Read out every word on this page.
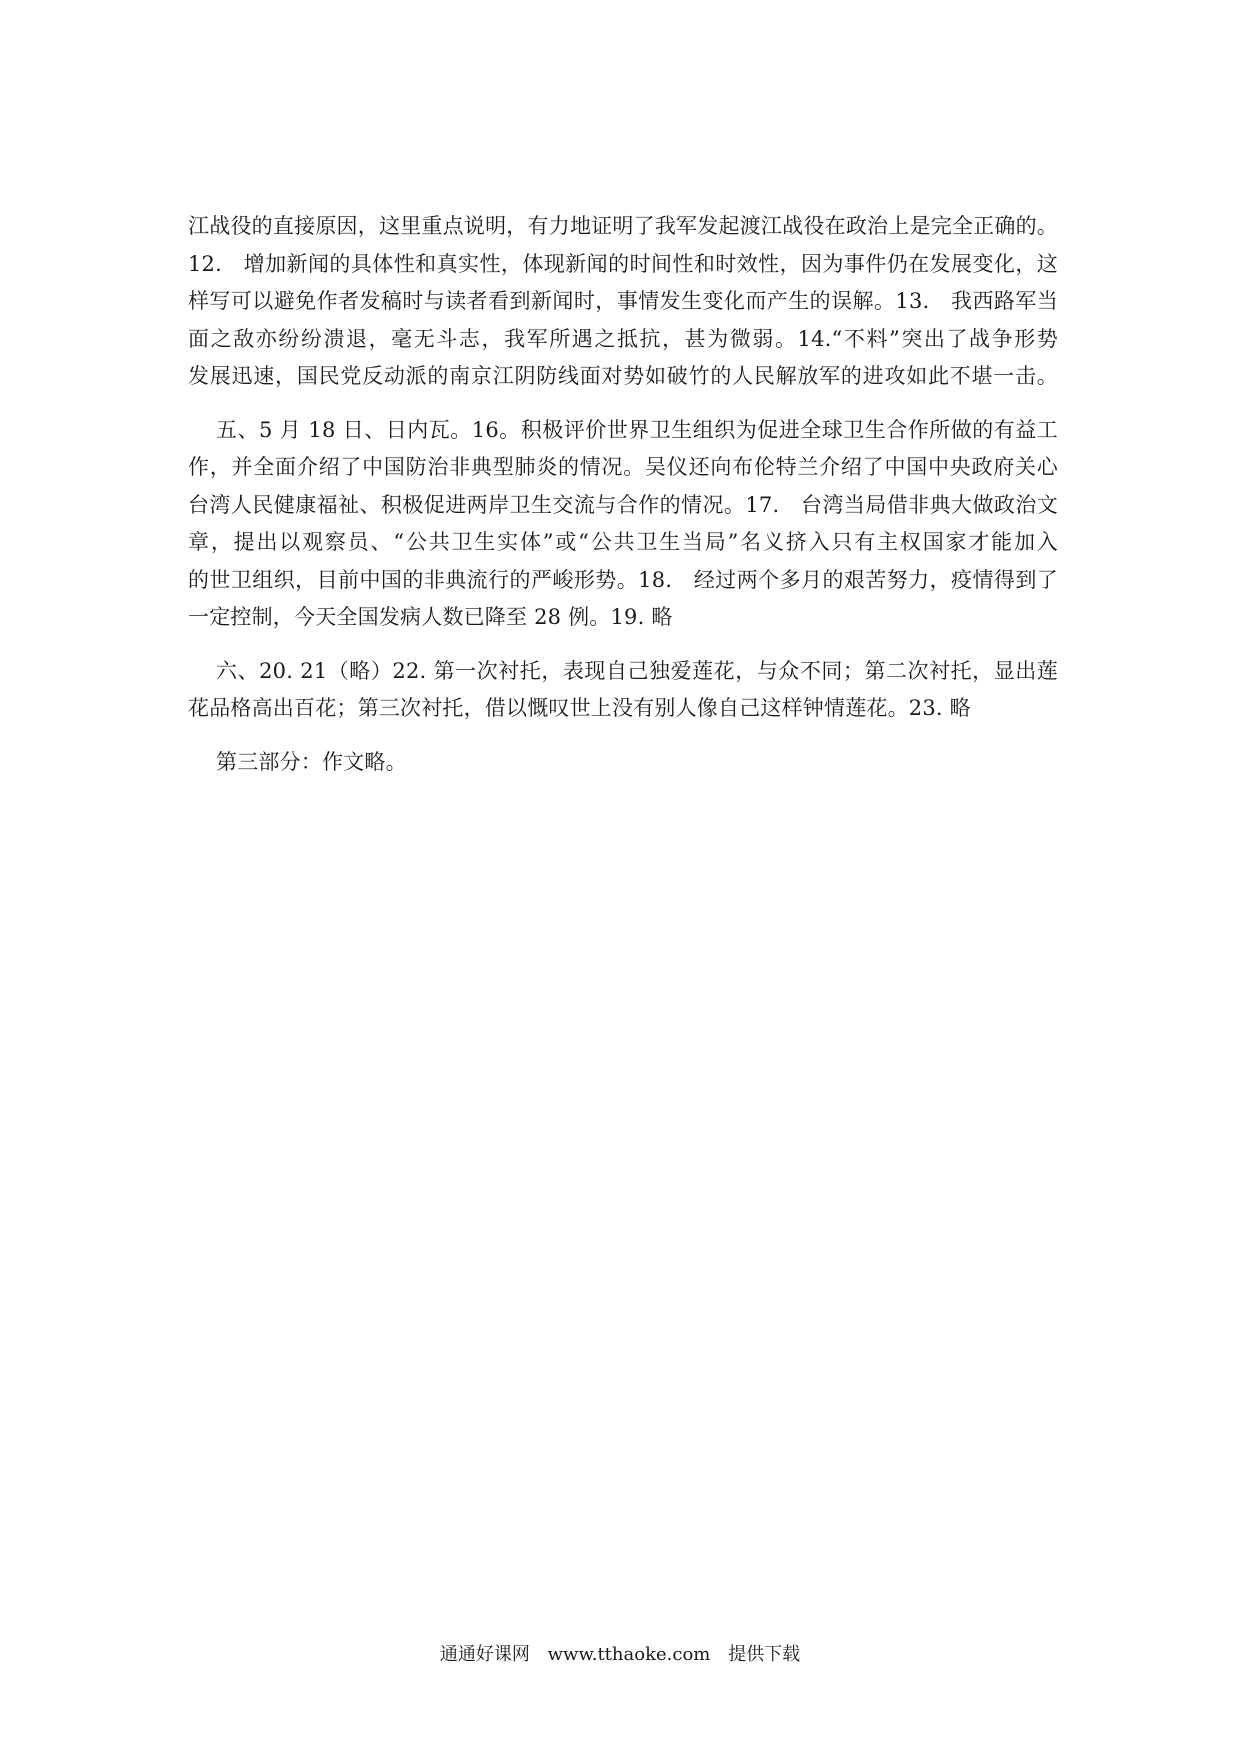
江战役的直接原因，这里重点说明，有力地证明了我军发起渡江战役在政治上是完全正确的。
12.　增加新闻的具体性和真实性，体现新闻的时间性和时效性，因为事件仍在发展变化，这
样写可以避免作者发稿时与读者看到新闻时，事情发生变化而产生的误解。13.　我西路军当
面之敌亦纷纷溃退，毫无斗志，我军所遇之抵抗，甚为微弱。14.“不料”突出了战争形势
发展迅速，国民党反动派的南京江阴防线面对势如破竹的人民解放军的进攻如此不堪一击。
五、5 月 18 日、日内瓦。16。积极评价世界卫生组织为促进全球卫生合作所做的有益工
作，并全面介绍了中国防治非典型肺炎的情况。吴仪还向布伦特兰介绍了中国中央政府关心
台湾人民健康福祉、积极促进两岸卫生交流与合作的情况。17.　台湾当局借非典大做政治文
章，提出以观察员、“公共卫生实体”或“公共卫生当局”名义挤入只有主权国家才能加入
的世卫组织，目前中国的非典流行的严峻形势。18.　经过两个多月的艰苦努力，疫情得到了
一定控制，今天全国发病人数已降至 28 例。19. 略
六、20. 21（略）22. 第一次衬托，表现自己独爱莲花，与众不同；第二次衬托，显出莲
花品格高出百花；第三次衬托，借以慨叹世上没有别人像自己这样钟情莲花。23. 略
第三部分：作文略。
通通好课网 www.tthaoke.com 提供下载
